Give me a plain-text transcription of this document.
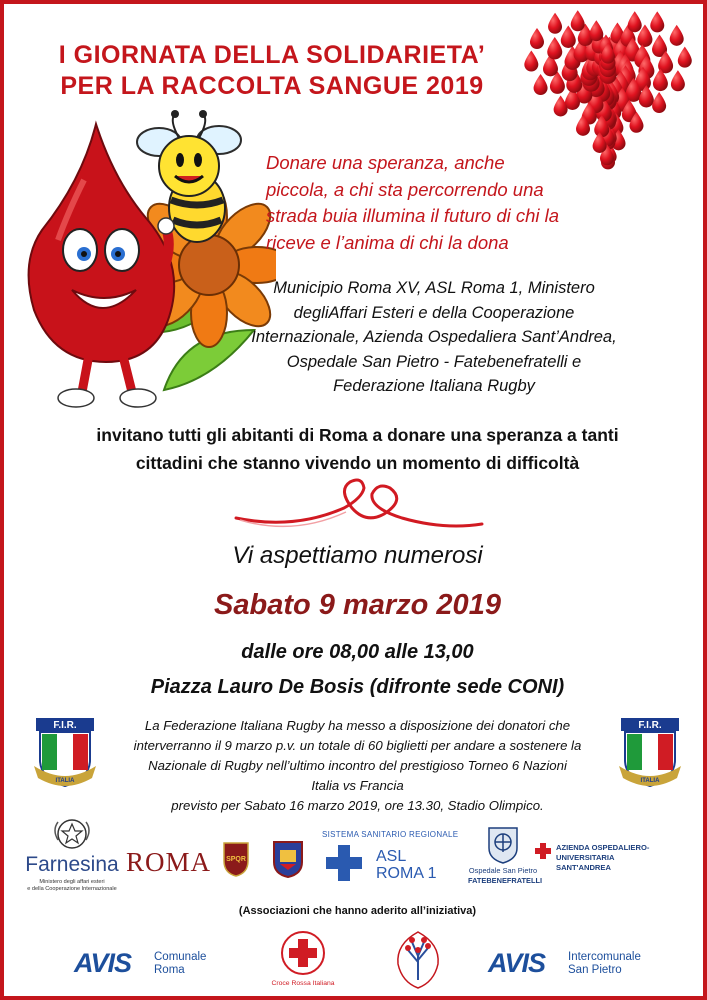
I GIORNATA DELLA SOLIDARIETA’
PER LA RACCOLTA SANGUE 2019
Donare una speranza, anche
piccola, a chi sta percorrendo una
strada buia illumina il futuro di chi la
riceve e l’anima di chi la dona
Municipio Roma XV, ASL Roma 1, Ministero
degliAffari Esteri e della Cooperazione
Internazionale, Azienda Ospedaliera Sant’Andrea,
Ospedale San Pietro - Fatebenefratelli e
Federazione Italiana Rugby
invitano tutti gli abitanti di Roma a donare una speranza a tanti
cittadini che stanno vivendo un momento di difficoltà
Vi aspettiamo numerosi
Sabato 9 marzo 2019
dalle ore 08,00 alle 13,00
Piazza Lauro De Bosis (difronte sede CONI)
F.I.R.
ITALIA
F.I.R.
ITALIA
La Federazione Italiana Rugby ha messo a disposizione dei donatori che
interverranno il 9 marzo p.v. un totale di 60 biglietti per andare a sostenere la
Nazionale di Rugby nell’ultimo incontro del prestigioso Torneo 6 Nazioni
Italia vs Francia
previsto per Sabato 16 marzo 2019, ore 13.30, Stadio Olimpico.
Farnesina
Ministero degli affari esteri
e della Cooperazione Internazionale
ROMA SPQR
SISTEMA SANITARIO REGIONALE
ASL
ROMA 1	Ospedale San Pietro
FATEBENEFRATELLI
AZIENDA OSPEDALIERO-UNIVERSITARIA
SANT'ANDREA
(Associazioni che hanno aderito all’iniziativa)
AVIS Comunale
Roma
Croce Rossa Italiana
AVIS Intercomunale
San Pietro
